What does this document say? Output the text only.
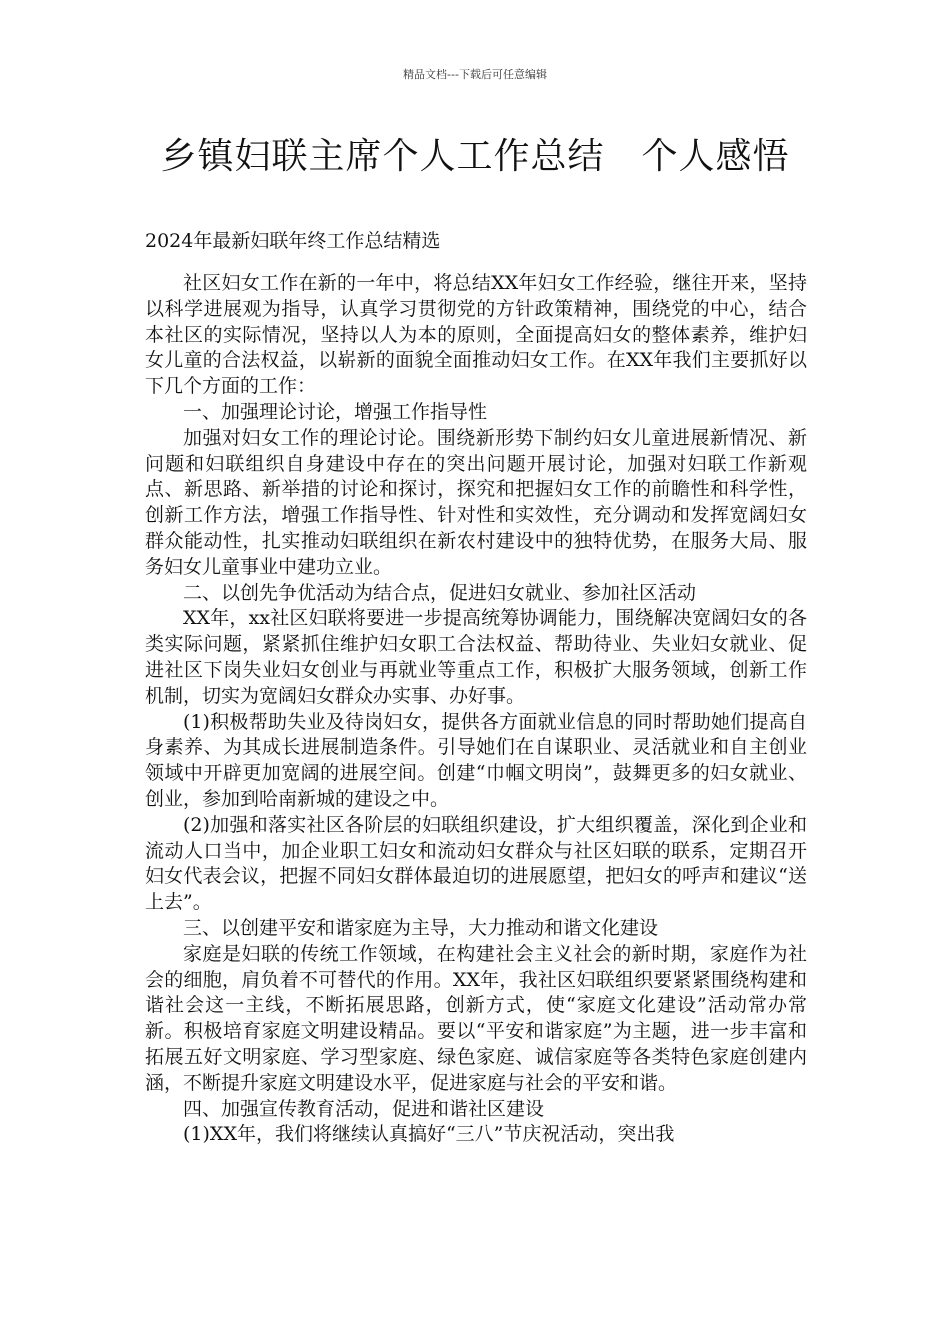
精品文档---下载后可任意编辑
乡镇妇联主席个人工作总结　个人感悟
2024年最新妇联年终工作总结精选

社区妇女工作在新的一年中，将总结XX年妇女工作经验，继往开来，坚持以科学进展观为指导，认真学习贯彻党的方针政策精神，围绕党的中心，结合本社区的实际情况，坚持以人为本的原则，全面提高妇女的整体素养，维护妇女儿童的合法权益，以崭新的面貌全面推动妇女工作。在XX年我们主要抓好以下几个方面的工作：

一、加强理论讨论，增强工作指导性

加强对妇女工作的理论讨论。围绕新形势下制约妇女儿童进展新情况、新问题和妇联组织自身建设中存在的突出问题开展讨论，加强对妇联工作新观点、新思路、新举措的讨论和探讨，探究和把握妇女工作的前瞻性和科学性，创新工作方法，增强工作指导性、针对性和实效性，充分调动和发挥宽阔妇女群众能动性，扎实推动妇联组织在新农村建设中的独特优势，在服务大局、服务妇女儿童事业中建功立业。

二、以创先争优活动为结合点，促进妇女就业、参加社区活动

XX年，xx社区妇联将要进一步提高统筹协调能力，围绕解决宽阔妇女的各类实际问题，紧紧抓住维护妇女职工合法权益、帮助待业、失业妇女就业、促进社区下岗失业妇女创业与再就业等重点工作，积极扩大服务领域，创新工作机制，切实为宽阔妇女群众办实事、办好事。

(1)积极帮助失业及待岗妇女，提供各方面就业信息的同时帮助她们提高自身素养、为其成长进展制造条件。引导她们在自谋职业、灵活就业和自主创业领域中开辟更加宽阔的进展空间。创建“巾帼文明岗”，鼓舞更多的妇女就业、创业，参加到哈南新城的建设之中。

(2)加强和落实社区各阶层的妇联组织建设，扩大组织覆盖，深化到企业和流动人口当中，加企业职工妇女和流动妇女群众与社区妇联的联系，定期召开妇女代表会议，把握不同妇女群体最迫切的进展愿望，把妇女的呼声和建议“送上去”。

三、以创建平安和谐家庭为主导，大力推动和谐文化建设

家庭是妇联的传统工作领域，在构建社会主义社会的新时期，家庭作为社会的细胞，肩负着不可替代的作用。XX年，我社区妇联组织要紧紧围绕构建和谐社会这一主线，不断拓展思路，创新方式，使“家庭文化建设”活动常办常新。积极培育家庭文明建设精品。要以“平安和谐家庭”为主题，进一步丰富和拓展五好文明家庭、学习型家庭、绿色家庭、诚信家庭等各类特色家庭创建内涵，不断提升家庭文明建设水平，促进家庭与社会的平安和谐。

四、加强宣传教育活动，促进和谐社区建设

(1)XX年，我们将继续认真搞好“三八”节庆祝活动，突出我
